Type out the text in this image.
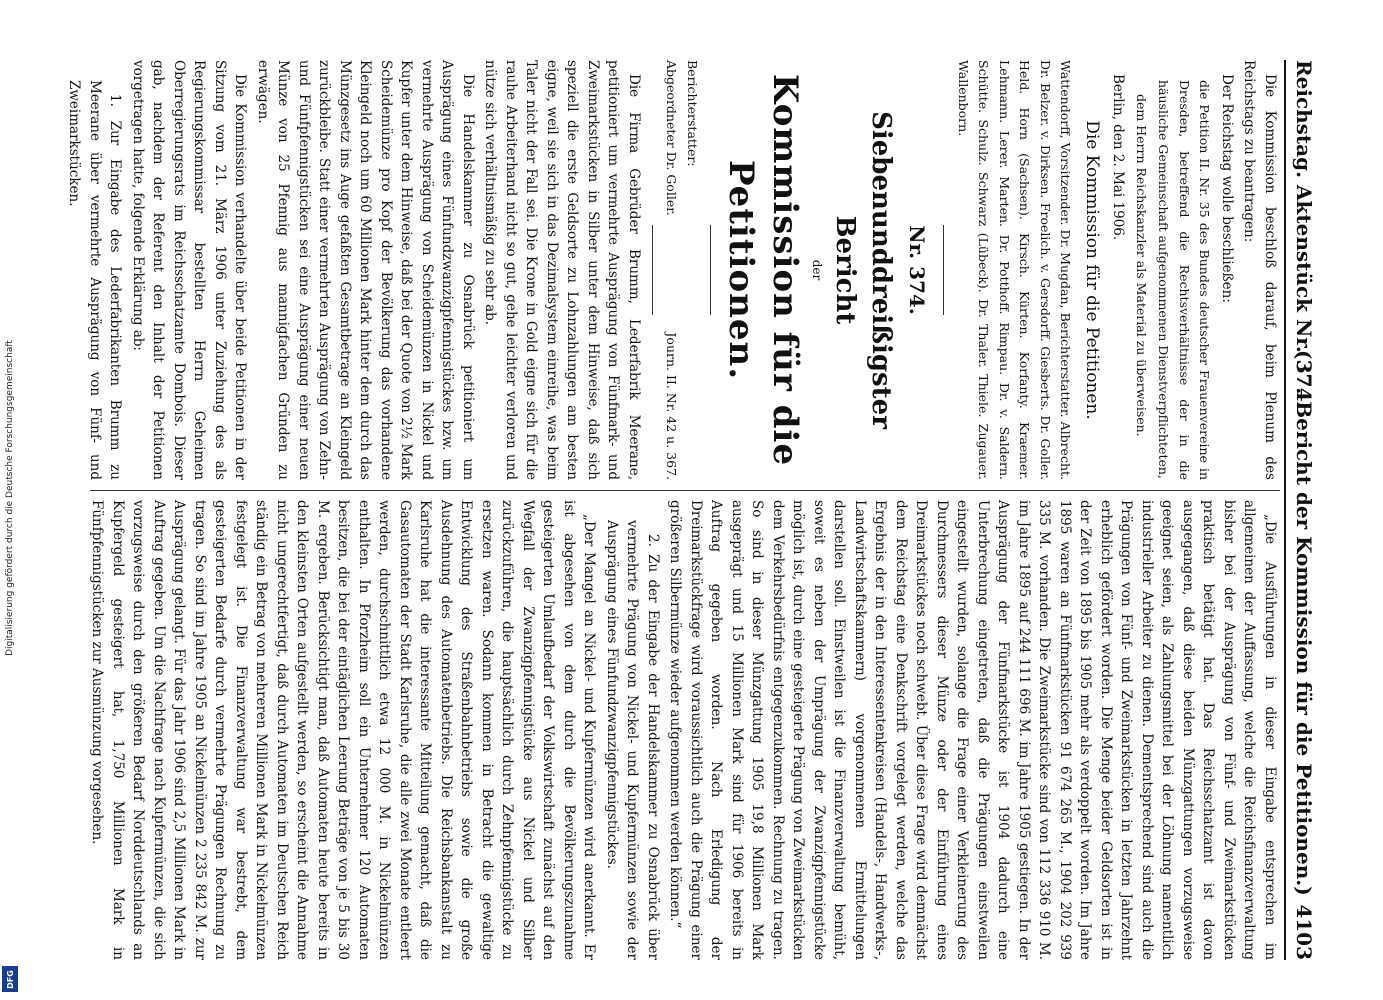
Digitalisierung gefördert durch die Deutsche Forschungsgemeinschaft
DFG
Reichstag. Aktenstück Nr. 374.
(37. Bericht der Kommission für die Petitionen.)
4103

Die Kommission beschloß darauf, beim Plenum des Reichstags zu beantragen:

Der Reichstag wolle beschließen:

die Petition II. Nr. 35 des Bundes deutscher Frauenvereine in Dresden, betreffend die Rechtsverhältnisse der in die häusliche Gemeinschaft aufgenommenen Dienstverpflichteten,

dem Herrn Reichskanzler als Material zu überweisen.

Berlin, den 2. Mai 1906.

Die Kommission für die Petitionen.

Wattendorff, Vorsitzender. Dr. Mugdan, Berichterstatter. Albrecht. Dr. Belzer. v. Dirksen. Froelich. v. Gersdorff. Giesberts. Dr. Goller. Held. Horn (Sachsen). Kirsch. Kürten. Korfanty. Kraemer. Lehmann. Lerer. Marten. Dr. Potthoff. Rimpau. Dr. v. Saldern. Schütte. Schulz. Schwarz (Lübeck). Dr. Thaler. Thiele. Zugauer. Wallenborn.

Nr. 374.
Siebenunddreißigster Bericht
der
Kommission für die Petitionen.
Berichterstatter:
Abgeordneter Dr. Goller.
Journ. II. Nr. 42 u. 367.

Die Firma Gebrüder Brumm, Lederfabrik Meerane, petitioniert um vermehrte Ausprägung von Fünfmark- und Zweimarkstücken in Silber unter dem Hinweise, daß sich speziell die erste Geldsorte zu Lohnzahlungen am besten eigne, weil sie sich in das Dezimalsystem einreihe, was beim Taler nicht der Fall sei. Die Krone in Gold eigne sich für die rauhe Arbeiterhand nicht so gut, gehe leichter verloren und nütze sich verhältnismäßig zu sehr ab.

Die Handelskammer zu Osnabrück petitioniert um Ausprägung eines Fünfundzwanzigpfennigstückes bzw. um vermehrte Ausprägung von Scheidemünzen in Nickel und Kupfer unter dem Hinweise, daß bei der Quote von 2½ Mark Scheidemünze pro Kopf der Bevölkerung das vorhandene Kleingeld noch um 60 Millionen Mark hinter dem durch das Münzgesetz ins Auge gefaßten Gesamtbetrage an Kleingeld zurückbleibe. Statt einer vermehrten Ausprägung von Zehn- und Fünfpfennigstücken sei eine Ausprägung einer neuen Münze von 25 Pfennig aus mannigfachen Gründen zu erwägen.

Die Kommission verhandelte über beide Petitionen in der Sitzung vom 21. März 1906 unter Zuziehung des als Regierungskommissar bestellten Herrn Geheimen Oberregierungsrats im Reichsschatzamte Dombois. Dieser gab, nachdem der Referent den Inhalt der Petitionen vorgetragen hatte, folgende Erklärung ab:

1. Zur Eingabe des Lederfabrikanten Brumm zu Meerane über vermehrte Ausprägung von Fünf- und Zweimarkstücken.

„Die Ausführungen in dieser Eingabe entsprechen im allgemeinen der Auffassung, welche die Reichsfinanzverwaltung bisher bei der Ausprägung von Fünf- und Zweimarkstücken praktisch betätigt hat. Das Reichsschatzamt ist davon ausgegangen, daß diese beiden Münzgattungen vorzugsweise geeignet seien, als Zahlungsmittel bei der Löhnung namentlich industrieller Arbeiter zu dienen. Dementsprechend sind auch die Prägungen von Fünf- und Zweimarkstücken in letzten Jahrzehnt erheblich gefördert worden. Die Menge beider Geldsorten ist in der Zeit von 1895 bis 1905 mehr als verdoppelt worden. Im Jahre 1895 waren an Fünfmarkstücken 91 674 265 M., 1904 202 939 335 M. vorhanden. Die Zweimarkstücke sind von 112 336 910 M. im Jahre 1895 auf 244 111 696 M. im Jahre 1905 gestiegen. In der Ausprägung der Fünfmarkstücke ist 1904 dadurch eine Unterbrechung eingetreten, daß die Prägungen einstweilen eingestellt wurden, solange die Frage einer Verkleinerung des Durchmessers dieser Münze oder der Einführung eines Dreimarkstückes noch schwebt. Über diese Frage wird demnächst dem Reichstag eine Denkschrift vorgelegt werden, welche das Ergebnis der in den Interessentenkreisen (Handels-, Handwerks-, Landwirtschaftskammern) vorgenommenen Ermittelungen darstellen soll. Einstweilen ist die Finanzverwaltung bemüht, soweit es neben der Umprägung der Zwanzigpfennigstücke möglich ist, durch eine gesteigerte Prägung von Zweimarkstücken dem Verkehrsbedürfnis entgegenzukommen. Rechnung zu tragen. So sind in dieser Münzgattung 1905 19,8 Millionen Mark ausgeprägt und 15 Millionen Mark sind für 1906 bereits in Auftrag gegeben worden. Nach Erledigung der Dreimarkstückfrage wird voraussichtlich auch die Prägung einer größeren Silbermünze wieder aufgenommen werden können.“

2. Zu der Eingabe der Handelskammer zu Osnabrück über vermehrte Prägung von Nickel- und Kupfermünzen sowie der Ausprägung eines Fünfundzwanzigpfennigstückes.

„Der Mangel an Nickel- und Kupfermünzen wird anerkannt. Er ist abgesehen von dem durch die Bevölkerungszunahme gesteigerten Umlaufbedarf der Volkswirtschaft zunächst auf den Wegfall der Zwanzigpfennigstücke aus Nickel und Silber zurückzuführen, die hauptsächlich durch Zehnpfennigstücke zu ersetzen waren. Sodann kommen in Betracht die gewaltige Entwicklung des Straßenbahnbetriebs sowie die große Ausdehnung des Automatenbetriebs. Die Reichsbankanstalt zu Karlsruhe hat die interessante Mitteilung gemacht, daß die Gasautomaten der Stadt Karlsruhe, die alle zwei Monate entleert werden, durchschnittlich etwa 12 000 M. in Nickelmünzen enthalten. In Pforzheim soll ein Unternehmer 120 Automaten besitzen, die bei der eintäglichen Leerung Beträge von je 5 bis 30 M. ergeben. Berücksichtigt man, daß Automaten heute bereits in den kleinsten Orten aufgestellt werden, so erscheint die Annahme nicht ungerechtfertigt, daß durch Automaten im Deutschen Reich ständig ein Betrag von mehreren Millionen Mark in Nickelmünzen festgelegt ist. Die Finanzverwaltung war bestrebt, dem gesteigerten Bedarfe durch vermehrte Prägungen Rechnung zu tragen. So sind im Jahre 1905 an Nickelmünzen 2 235 842 M. zur Ausprägung gelangt. Für das Jahr 1906 sind 2,5 Millionen Mark in Auftrag gegeben. Um die Nachfrage nach Kupfermünzen, die sich vorzugsweise durch den größeren Bedarf Norddeutschlands an Kupfergeld gesteigert hat, 1,750 Millionen Mark in Fünfpfennigstücken zur Ausmünzung vorgesehen.
